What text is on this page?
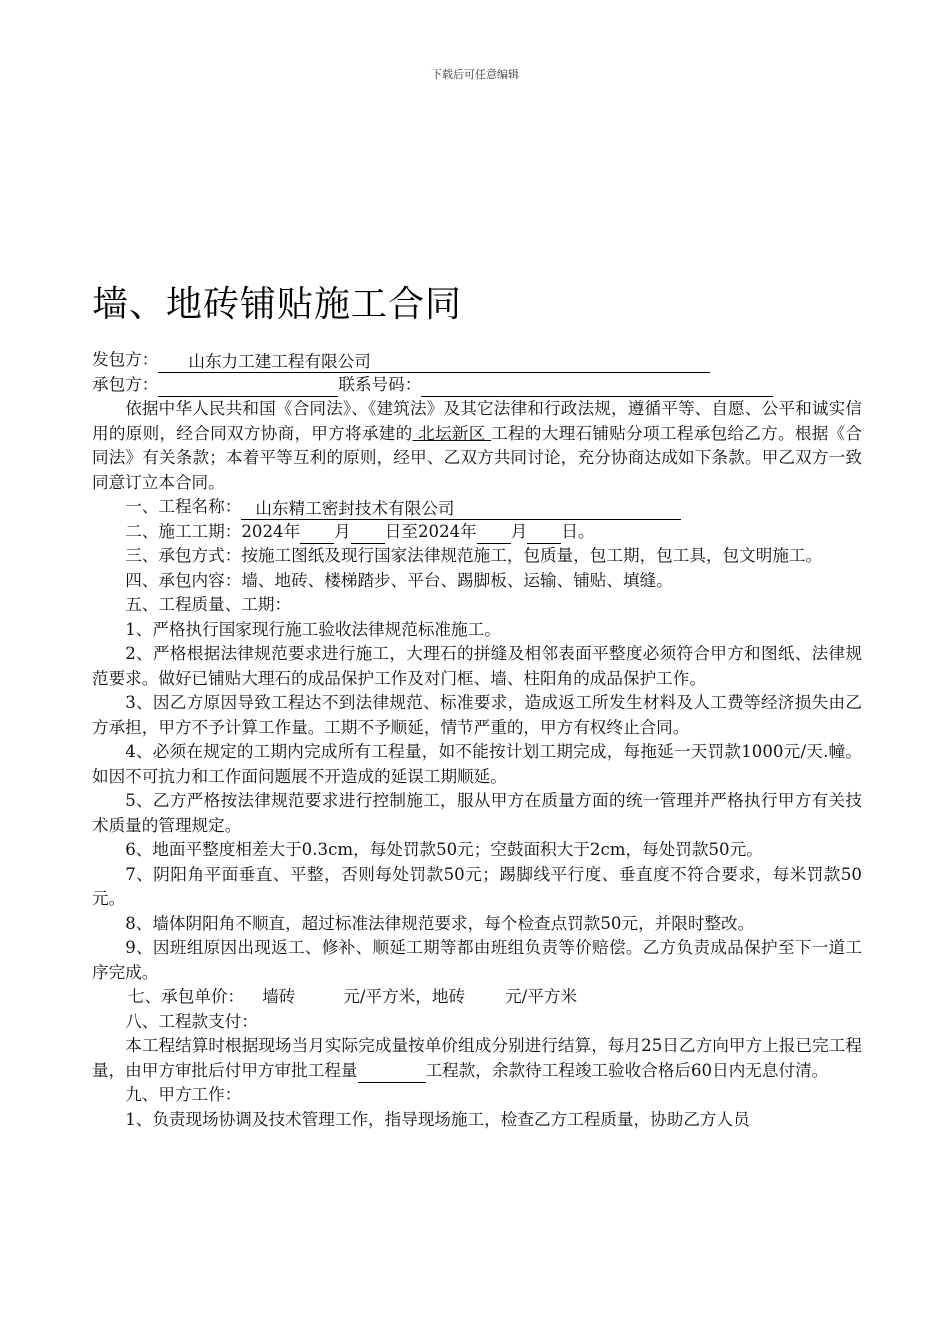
下载后可任意编辑
墙、地砖铺贴施工合同
发包方： 山东力工建工程有限公司
承包方：	联系号码：
依据中华人民共和国《合同法》、《建筑法》及其它法律和行政法规，遵循平等、自愿、公平和诚实信用的原则，经合同双方协商，甲方将承建的 北坛新区 工程的大理石铺贴分项工程承包给乙方。根据《合同法》有关条款；本着平等互利的原则，经甲、乙双方共同讨论，充分协商达成如下条款。甲乙双方一致同意订立本合同。
一、工程名称： 山东精工密封技术有限公司
二、施工工期：2024年 月 日至2024年 月 日。
三、承包方式：按施工图纸及现行国家法律规范施工，包质量，包工期，包工具，包文明施工。
四、承包内容：墙、地砖、楼梯踏步、平台、踢脚板、运输、铺贴、填缝。
五、工程质量、工期：
1、严格执行国家现行施工验收法律规范标准施工。
2、严格根据法律规范要求进行施工，大理石的拼缝及相邻表面平整度必须符合甲方和图纸、法律规范要求。做好已铺贴大理石的成品保护工作及对门框、墙、柱阳角的成品保护工作。
3、因乙方原因导致工程达不到法律规范、标准要求，造成返工所发生材料及人工费等经济损失由乙方承担，甲方不予计算工作量。工期不予顺延，情节严重的，甲方有权终止合同。
4、必须在规定的工期内完成所有工程量，如不能按计划工期完成，每拖延一天罚款1000元/天.幢。如因不可抗力和工作面问题展不开造成的延误工期顺延。
5、乙方严格按法律规范要求进行控制施工，服从甲方在质量方面的统一管理并严格执行甲方有关技术质量的管理规定。
6、地面平整度相差大于0.3cm，每处罚款50元；空鼓面积大于2cm，每处罚款50元。
7、阴阳角平面垂直、平整，否则每处罚款50元；踢脚线平行度、垂直度不符合要求，每米罚款50元。
8、墙体阴阳角不顺直，超过标准法律规范要求，每个检查点罚款50元，并限时整改。
9、因班组原因出现返工、修补、顺延工期等都由班组负责等价赔偿。乙方负责成品保护至下一道工序完成。
七、承包单价： 墙砖	元/平方米，地砖 元/平方米
八、工程款支付：
本工程结算时根据现场当月实际完成量按单价组成分别进行结算，每月25日乙方向甲方上报已完工程量，由甲方审批后付甲方审批工程量	工程款，余款待工程竣工验收合格后60日内无息付清。
九、甲方工作：
1、负责现场协调及技术管理工作，指导现场施工，检查乙方工程质量，协助乙方人员
